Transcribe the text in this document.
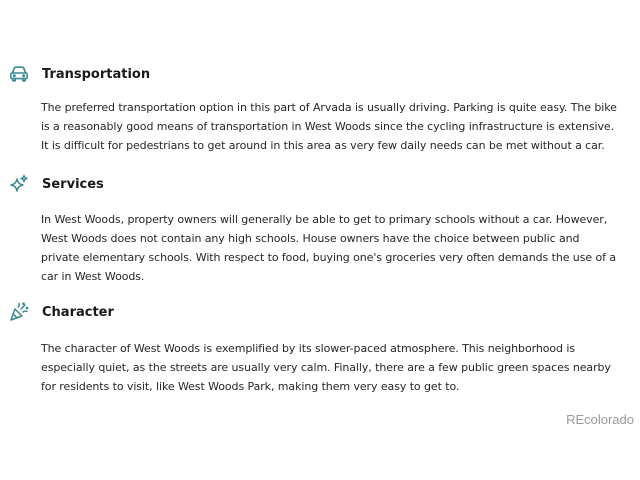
Transportation

The preferred transportation option in this part of Arvada is usually driving. Parking is quite easy. The bike is a reasonably good means of transportation in West Woods since the cycling infrastructure is extensive. It is difficult for pedestrians to get around in this area as very few daily needs can be met without a car.

Services

In West Woods, property owners will generally be able to get to primary schools without a car. However, West Woods does not contain any high schools. House owners have the choice between public and private elementary schools. With respect to food, buying one's groceries very often demands the use of a car in West Woods.

Character

The character of West Woods is exemplified by its slower-paced atmosphere. This neighborhood is especially quiet, as the streets are usually very calm. Finally, there are a few public green spaces nearby for residents to visit, like West Woods Park, making them very easy to get to.

REcolorado
